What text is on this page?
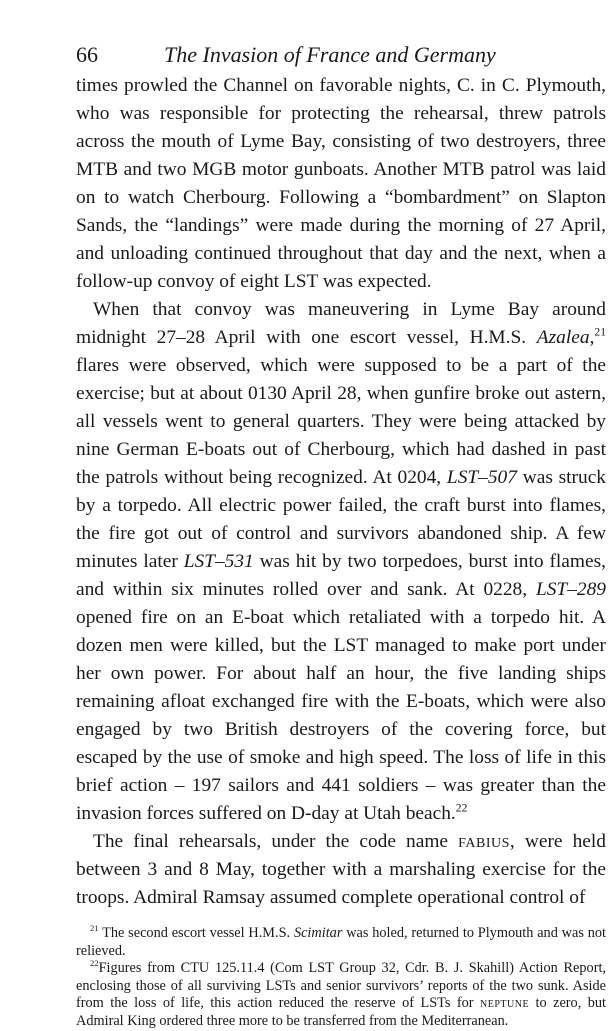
66	The Invasion of France and Germany

times prowled the Channel on favorable nights, C. in C. Plymouth, who was responsible for protecting the rehearsal, threw patrols across the mouth of Lyme Bay, consisting of two destroyers, three MTB and two MGB motor gunboats. Another MTB patrol was laid on to watch Cherbourg. Following a “bombardment” on Slapton Sands, the “landings” were made during the morning of 27 April, and unloading continued throughout that day and the next, when a follow-up convoy of eight LST was expected.

When that convoy was maneuvering in Lyme Bay around midnight 27–28 April with one escort vessel, H.M.S. Azalea,$^{21}$ flares were observed, which were supposed to be a part of the exercise; but at about 0130 April 28, when gunfire broke out astern, all vessels went to general quarters. They were being attacked by nine German E-boats out of Cherbourg, which had dashed in past the patrols without being recognized. At 0204, LST–507 was struck by a torpedo. All electric power failed, the craft burst into flames, the fire got out of control and survivors abandoned ship. A few minutes later LST–531 was hit by two torpedoes, burst into flames, and within six minutes rolled over and sank. At 0228, LST–289 opened fire on an E-boat which retaliated with a torpedo hit. A dozen men were killed, but the LST managed to make port under her own power. For about half an hour, the five landing ships remaining afloat exchanged fire with the E-boats, which were also engaged by two British destroyers of the covering force, but escaped by the use of smoke and high speed. The loss of life in this brief action – 197 sailors and 441 soldiers – was greater than the invasion forces suffered on D-day at Utah beach.$^{22}$

The final rehearsals, under the code name fabius, were held between 3 and 8 May, together with a marshaling exercise for the troops. Admiral Ramsay assumed complete operational control of

$^{21}$ The second escort vessel H.M.S. Scimitar was holed, returned to Plymouth and was not relieved.

$^{22}$Figures from CTU 125.11.4 (Com LST Group 32, Cdr. B. J. Skahill) Action Report, enclosing those of all surviving LSTs and senior survivors’ reports of the two sunk. Aside from the loss of life, this action reduced the reserve of LSTs for neptune to zero, but Admiral King ordered three more to be transferred from the Mediterranean.
